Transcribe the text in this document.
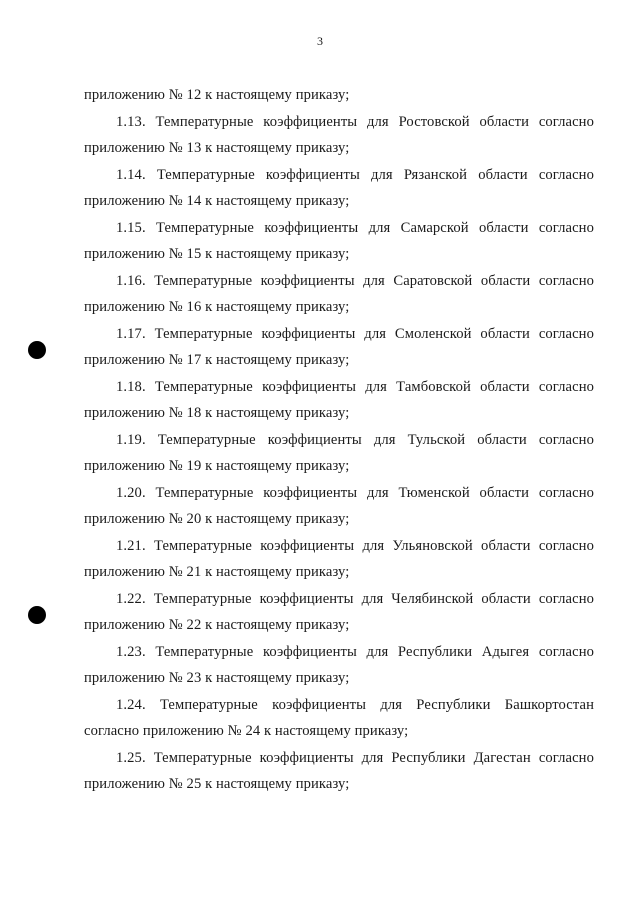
3
приложению № 12 к настоящему приказу;
1.13. Температурные коэффициенты для Ростовской области согласно
приложению № 13 к настоящему приказу;
1.14. Температурные коэффициенты для Рязанской области согласно
приложению № 14 к настоящему приказу;
1.15. Температурные коэффициенты для Самарской области согласно
приложению № 15 к настоящему приказу;
1.16. Температурные коэффициенты для Саратовской области согласно
приложению № 16 к настоящему приказу;
1.17. Температурные коэффициенты для Смоленской области согласно
приложению № 17 к настоящему приказу;
1.18. Температурные коэффициенты для Тамбовской области согласно
приложению № 18 к настоящему приказу;
1.19. Температурные коэффициенты для Тульской области согласно
приложению № 19 к настоящему приказу;
1.20. Температурные коэффициенты для Тюменской области согласно
приложению № 20 к настоящему приказу;
1.21. Температурные коэффициенты для Ульяновской области согласно
приложению № 21 к настоящему приказу;
1.22. Температурные коэффициенты для Челябинской области согласно
приложению № 22 к настоящему приказу;
1.23. Температурные коэффициенты для Республики Адыгея согласно
приложению № 23 к настоящему приказу;
1.24. Температурные коэффициенты для Республики Башкортостан
согласно приложению № 24 к настоящему приказу;
1.25. Температурные коэффициенты для Республики Дагестан согласно
приложению № 25 к настоящему приказу;
